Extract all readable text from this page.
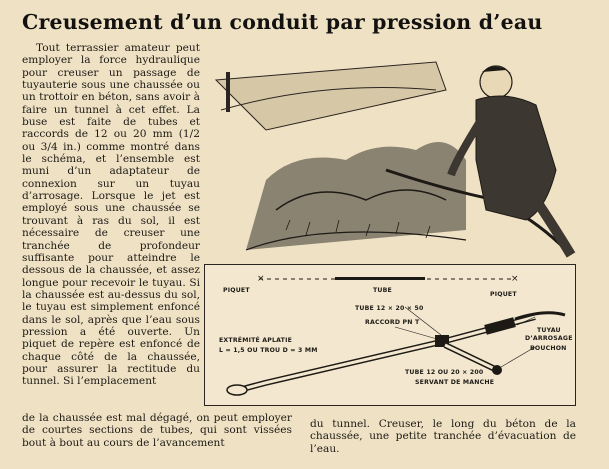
Creusement d’un conduit par pression d’eau

Tout terrassier amateur peut employer la force hydraulique pour creuser un passage de tuyauterie sous une chaussée ou un trottoir en béton, sans avoir à faire un tunnel à cet effet. La buse est faite de tubes et raccords de 12 ou 20 mm (1/2 ou 3/4 in.) comme montré dans le schéma, et l’ensemble est muni d’un adaptateur de connexion sur un tuyau d’arrosage. Lorsque le jet est employé sous une chaussée se trouvant à ras du sol, il est nécessaire de creuser une tranchée de profondeur suffisante pour atteindre le dessous de la chaussée, et assez longue pour recevoir le tuyau. Si la chaussée est au-dessus du sol, le tuyau est simplement enfoncé dans le sol, après que l’eau sous pression a été ouverte. Un piquet de repère est enfoncé de chaque côté de la chaussée, pour assurer la rectitude du tunnel. Si l’emplacement

×	×
PIQUET	TUBE
PIQUET
TUBE 12 × 20 × 50
RACCORD PN T
TUYAU
D’ARROSAGE
BOUCHON
EXTRÉMITÉ APLATIE
L = 1,5 OU TROU D = 3 MM
TUBE 12 OU 20 × 200
SERVANT DE MANCHE
de la chaussée est mal dégagé, on peut employer de courtes sections de tubes, qui sont vissées bout à bout au cours de l’avancement
du tunnel. Creuser, le long du béton de la chaussée, une petite tranchée d’évacuation de l’eau.
